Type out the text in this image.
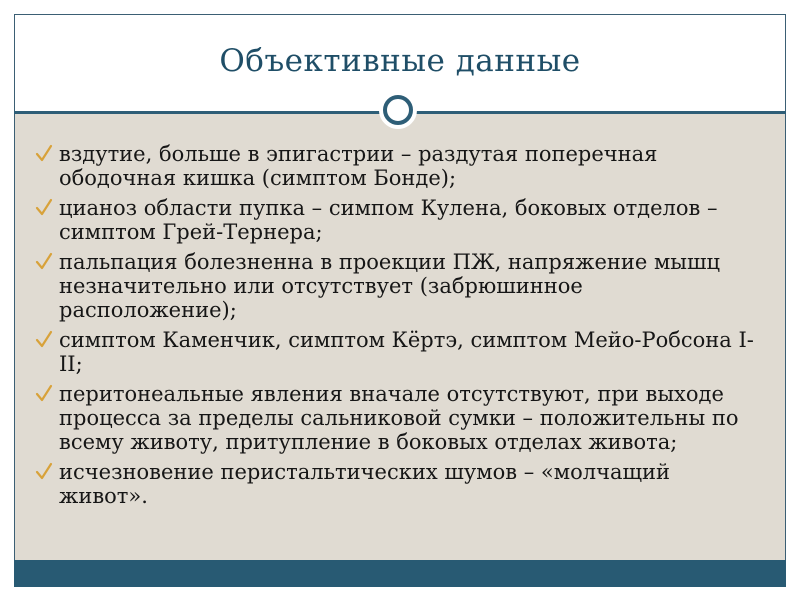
Объективные данные
вздутие, больше в эпигастрии – раздутая поперечная ободочная кишка (симптом Бонде);
цианоз области пупка – симпом Кулена, боковых отделов – симптом Грей-Тернера;
пальпация болезненна в проекции ПЖ, напряжение мышц незначительно или отсутствует (забрюшинное расположение);
симптом Каменчик, симптом Кёртэ, симптом Мейо-Робсона I-II;
перитонеальные явления вначале отсутствуют, при выходе процесса за пределы сальниковой сумки – положительны по всему животу, притупление в боковых отделах живота;
исчезновение перистальтических шумов – «молчащий живот».
